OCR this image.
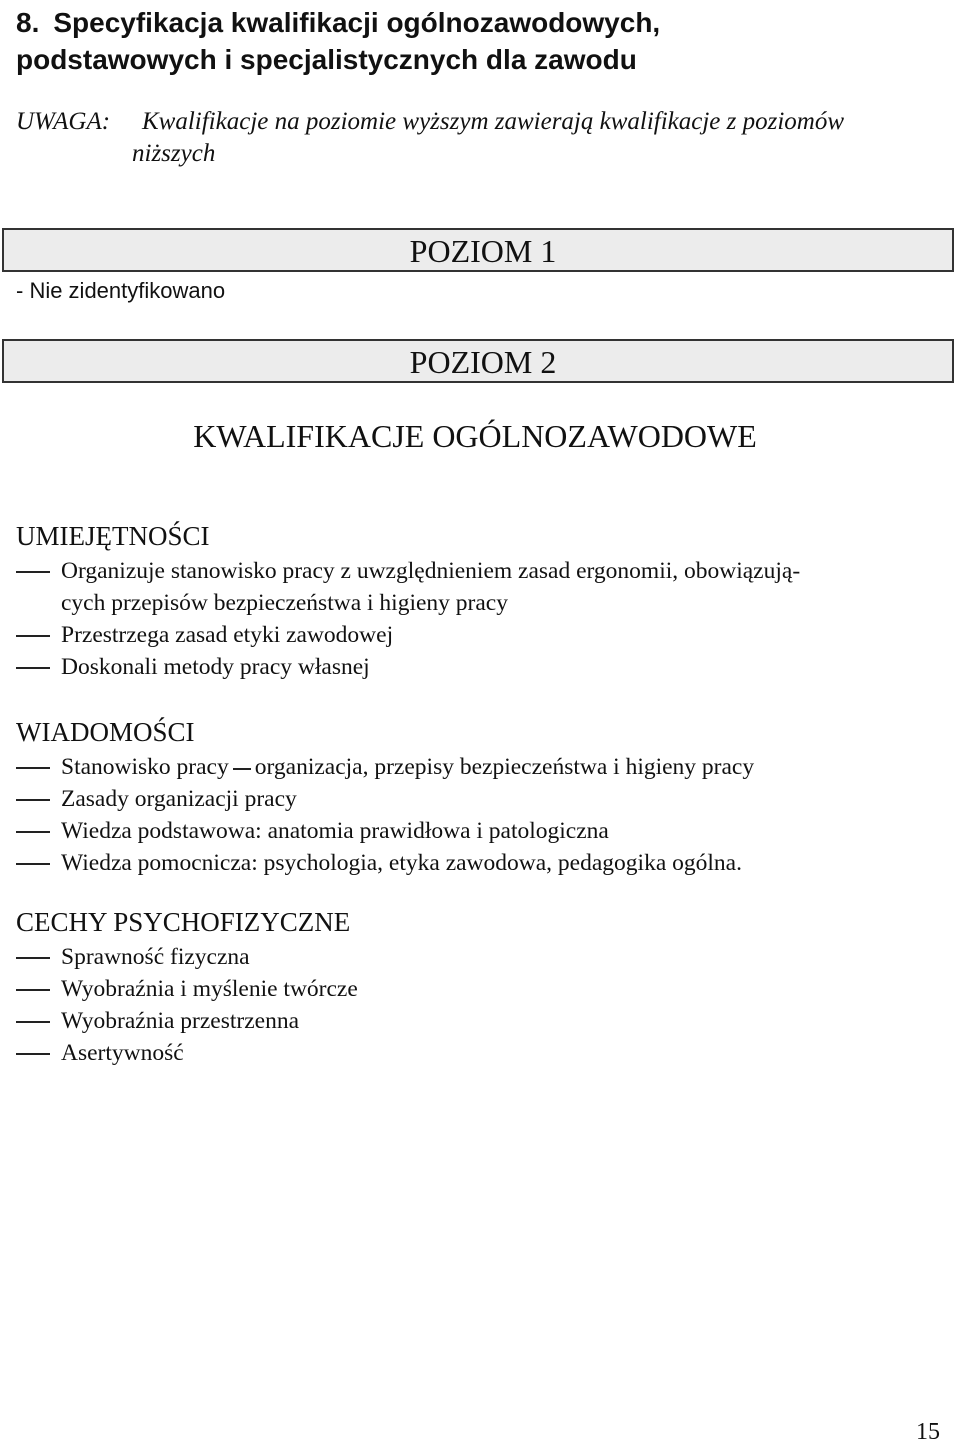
8. Specyfikacja kwalifikacji ogólnozawodowych,
podstawowych i specjalistycznych dla zawodu
UWAGA: Kwalifikacje na poziomie wyższym zawierają kwalifikacje z poziomów
niższych
POZIOM 1
- Nie zidentyfikowano
POZIOM 2
KWALIFIKACJE OGÓLNOZAWODOWE
UMIEJĘTNOŚCI
Organizuje stanowisko pracy z uwzględnieniem zasad ergonomii, obowiązują-
cych przepisów bezpieczeństwa i higieny pracy
Przestrzega zasad etyki zawodowej
Doskonali metody pracy własnej
WIADOMOŚCI
Stanowisko pracy organizacja, przepisy bezpieczeństwa i higieny pracy
Zasady organizacji pracy
Wiedza podstawowa: anatomia prawidłowa i patologiczna
Wiedza pomocnicza: psychologia, etyka zawodowa, pedagogika ogólna.
CECHY PSYCHOFIZYCZNE
Sprawność fizyczna
Wyobraźnia i myślenie twórcze
Wyobraźnia przestrzenna
Asertywność
15
